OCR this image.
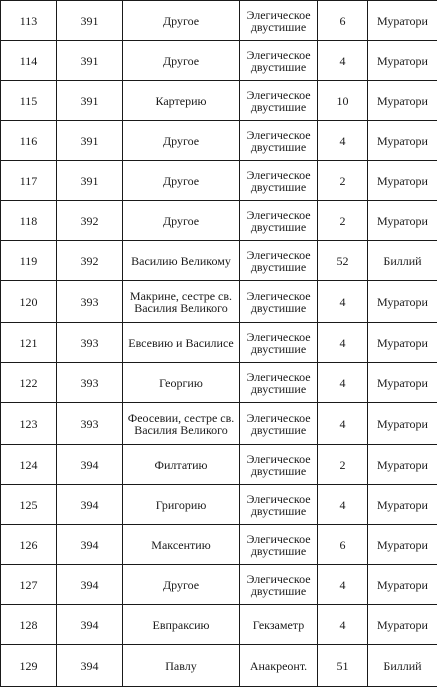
113	391	Другое	Элегическое двустишие	6	Муратори
114	391	Другое	Элегическое двустишие	4	Муратори
115	391	Картерию	Элегическое двустишие	10	Муратори
116	391	Другое	Элегическое двустишие	4	Муратори
117	391	Другое	Элегическое двустишие	2	Муратори
118	392	Другое	Элегическое двустишие	2	Муратори
119	392	Василию Великому	Элегическое двустишие	52	Биллий
120	393	Макрине, сестре св. Василия Великого	Элегическое двустишие	4	Муратори
121	393	Евсевию и Василисе	Элегическое двустишие	4	Муратори
122	393	Георгию	Элегическое двустишие	4	Муратори
123	393	Феосевии, сестре св. Василия Великого	Элегическое двустишие	4	Муратори
124	394	Филтатию	Элегическое двустишие	2	Муратори
125	394	Григорию	Элегическое двустишие	4	Муратори
126	394	Максентию	Элегическое двустишие	6	Муратори
127	394	Другое	Элегическое двустишие	4	Муратори
128	394	Евпраксию	Гекзаметр	4	Муратори
129	394	Павлу	Анакреонт.	51	Биллий
